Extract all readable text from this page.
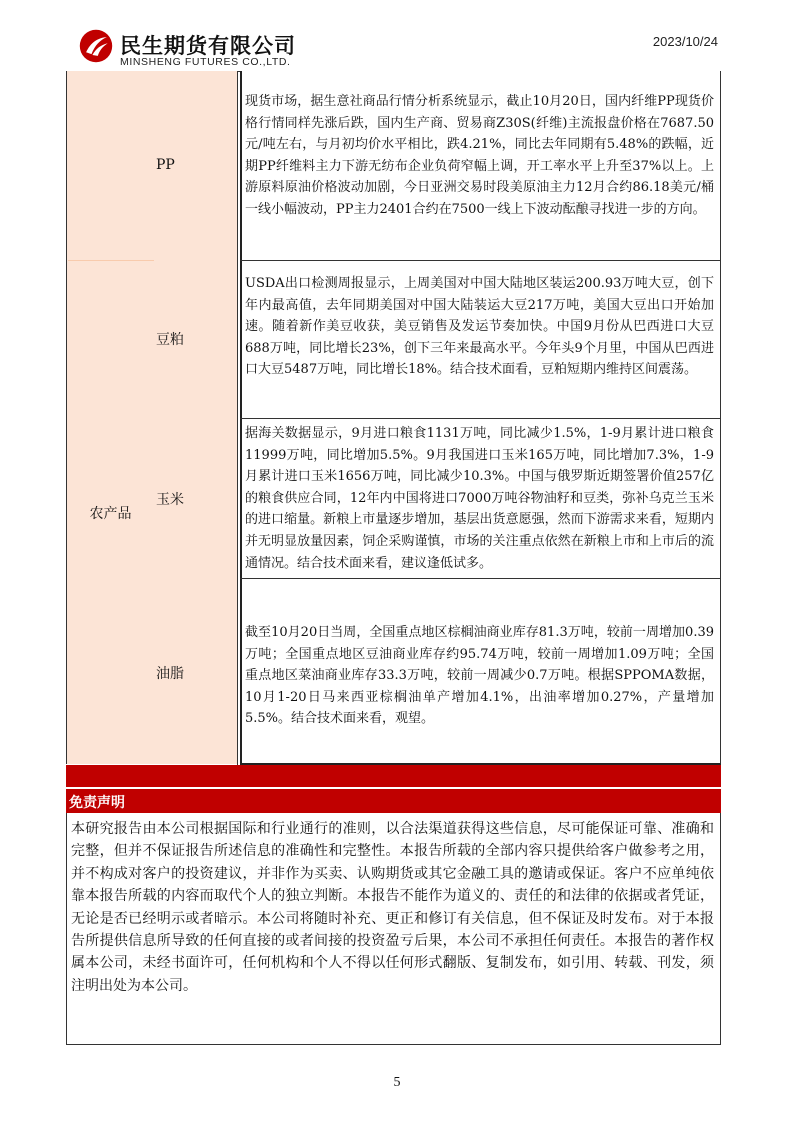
民生期货有限公司
MINSHENG FUTURES CO.,LTD.
2023/10/24
农产品
PP

现货市场，据生意社商品行情分析系统显示，截止10月20日，国内纤维PP现货价格行情同样先涨后跌，国内生产商、贸易商Z30S(纤维)主流报盘价格在7687.50元/吨左右，与月初均价水平相比，跌4.21%，同比去年同期有5.48%的跌幅，近期PP纤维料主力下游无纺布企业负荷窄幅上调，开工率水平上升至37%以上。上游原料原油价格波动加剧，今日亚洲交易时段美原油主力12月合约86.18美元/桶一线小幅波动，PP主力2401合约在7500一线上下波动酝酿寻找进一步的方向。

豆粕

USDA出口检测周报显示，上周美国对中国大陆地区装运200.93万吨大豆，创下年内最高值，去年同期美国对中国大陆装运大豆217万吨，美国大豆出口开始加速。随着新作美豆收获，美豆销售及发运节奏加快。中国9月份从巴西进口大豆688万吨，同比增长23%，创下三年来最高水平。今年头9个月里，中国从巴西进口大豆5487万吨，同比增长18%。结合技术面看，豆粕短期内维持区间震荡。

玉米

据海关数据显示，9月进口粮食1131万吨，同比减少1.5%，1-9月累计进口粮食11999万吨，同比增加5.5%。9月我国进口玉米165万吨，同比增加7.3%，1-9月累计进口玉米1656万吨，同比减少10.3%。中国与俄罗斯近期签署价值257亿的粮食供应合同，12年内中国将进口7000万吨谷物油籽和豆类，弥补乌克兰玉米的进口缩量。新粮上市量逐步增加，基层出货意愿强，然而下游需求来看，短期内并无明显放量因素，饲企采购谨慎，市场的关注重点依然在新粮上市和上市后的流通情况。结合技术面来看，建议逢低试多。

油脂

截至10月20日当周，全国重点地区棕榈油商业库存81.3万吨，较前一周增加0.39万吨；全国重点地区豆油商业库存约95.74万吨，较前一周增加1.09万吨；全国重点地区菜油商业库存33.3万吨，较前一周减少0.7万吨。根据SPPOMA数据，10月1-20日马来西亚棕榈油单产增加4.1%，出油率增加0.27%，产量增加5.5%。结合技术面来看，观望。

免责声明

本研究报告由本公司根据国际和行业通行的准则，以合法渠道获得这些信息，尽可能保证可靠、准确和完整，但并不保证报告所述信息的准确性和完整性。本报告所载的全部内容只提供给客户做参考之用，并不构成对客户的投资建议，并非作为买卖、认购期货或其它金融工具的邀请或保证。客户不应单纯依靠本报告所载的内容而取代个人的独立判断。本报告不能作为道义的、责任的和法律的依据或者凭证，无论是否已经明示或者暗示。本公司将随时补充、更正和修订有关信息，但不保证及时发布。对于本报告所提供信息所导致的任何直接的或者间接的投资盈亏后果，本公司不承担任何责任。本报告的著作权属本公司，未经书面许可，任何机构和个人不得以任何形式翻版、复制发布，如引用、转载、刊发，须注明出处为本公司。

5
